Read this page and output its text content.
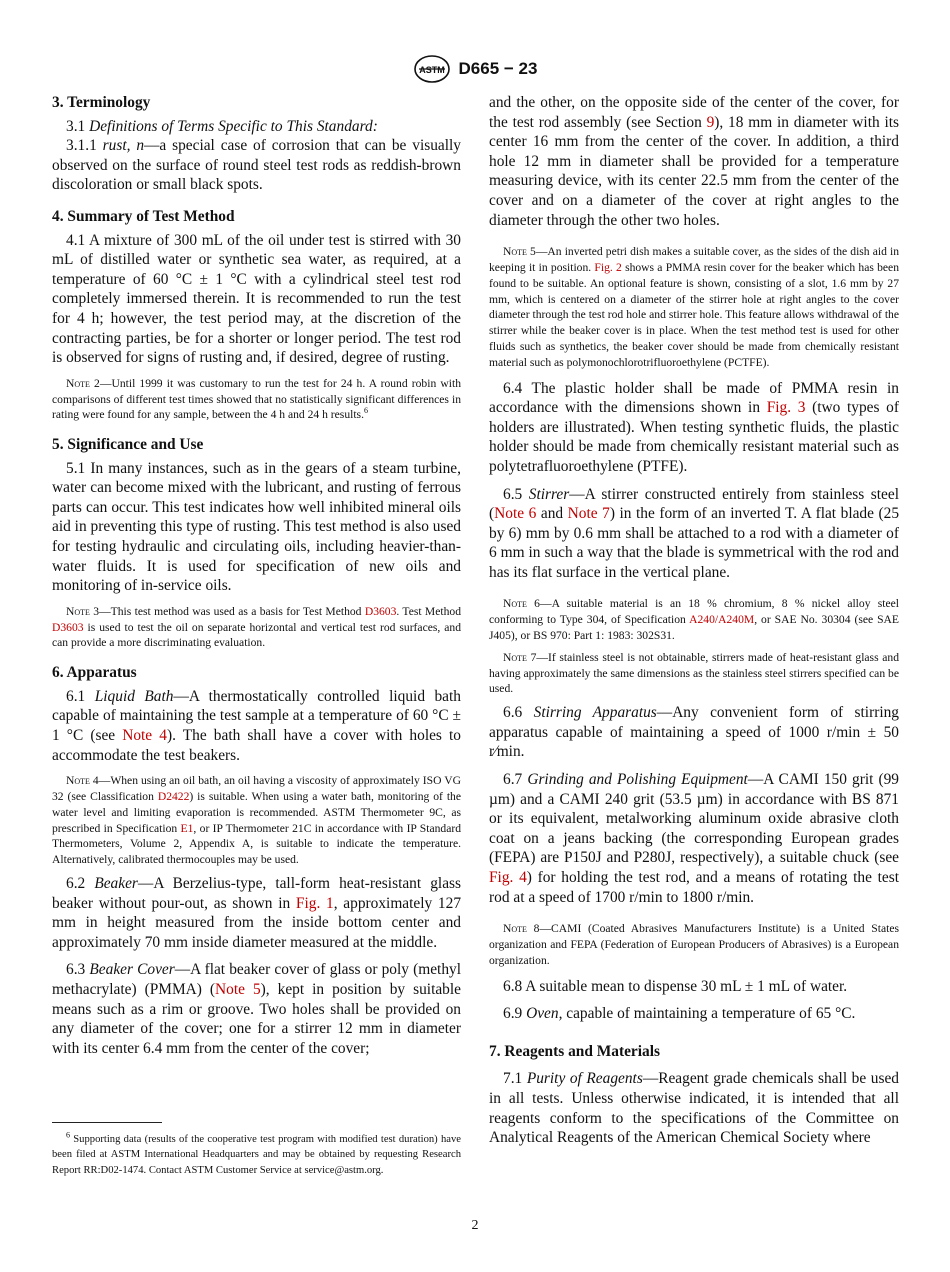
ASTM D665 − 23
3. Terminology

3.1 Definitions of Terms Specific to This Standard:

3.1.1 rust, n—a special case of corrosion that can be visually observed on the surface of round steel test rods as reddish-brown discoloration or small black spots.

4. Summary of Test Method

4.1 A mixture of 300 mL of the oil under test is stirred with 30 mL of distilled water or synthetic sea water, as required, at a temperature of 60 °C ± 1 °C with a cylindrical steel test rod completely immersed therein. It is recommended to run the test for 4 h; however, the test period may, at the discretion of the contracting parties, be for a shorter or longer period. The test rod is observed for signs of rusting and, if desired, degree of rusting.

Note 2—Until 1999 it was customary to run the test for 24 h. A round robin with comparisons of different test times showed that no statistically significant differences in rating were found for any sample, between the 4 h and 24 h results.$^6$

5. Significance and Use

5.1 In many instances, such as in the gears of a steam turbine, water can become mixed with the lubricant, and rusting of ferrous parts can occur. This test indicates how well inhibited mineral oils aid in preventing this type of rusting. This test method is also used for testing hydraulic and circulating oils, including heavier-than-water fluids. It is used for specification of new oils and monitoring of in-service oils.

Note 3—This test method was used as a basis for Test Method D3603. Test Method D3603 is used to test the oil on separate horizontal and vertical test rod surfaces, and can provide a more discriminating evaluation.

6. Apparatus

6.1 Liquid Bath—A thermostatically controlled liquid bath capable of maintaining the test sample at a temperature of 60 °C ± 1 °C (see Note 4). The bath shall have a cover with holes to accommodate the test beakers.

Note 4—When using an oil bath, an oil having a viscosity of approximately ISO VG 32 (see Classification D2422) is suitable. When using a water bath, monitoring of the water level and limiting evaporation is recommended. ASTM Thermometer 9C, as prescribed in Specification E1, or IP Thermometer 21C in accordance with IP Standard Thermometers, Volume 2, Appendix A, is suitable to indicate the temperature. Alternatively, calibrated thermocouples may be used.

6.2 Beaker—A Berzelius-type, tall-form heat-resistant glass beaker without pour-out, as shown in Fig. 1, approximately 127 mm in height measured from the inside bottom center and approximately 70 mm inside diameter measured at the middle.

6.3 Beaker Cover—A flat beaker cover of glass or poly (methyl methacrylate) (PMMA) (Note 5), kept in position by suitable means such as a rim or groove. Two holes shall be provided on any diameter of the cover; one for a stirrer 12 mm in diameter with its center 6.4 mm from the center of the cover;

$^6$ Supporting data (results of the cooperative test program with modified test duration) have been filed at ASTM International Headquarters and may be obtained by requesting Research Report RR:D02-1474. Contact ASTM Customer Service at service@astm.org.

and the other, on the opposite side of the center of the cover, for the test rod assembly (see Section 9), 18 mm in diameter with its center 16 mm from the center of the cover. In addition, a third hole 12 mm in diameter shall be provided for a temperature measuring device, with its center 22.5 mm from the center of the cover and on a diameter of the cover at right angles to the diameter through the other two holes.

Note 5—An inverted petri dish makes a suitable cover, as the sides of the dish aid in keeping it in position. Fig. 2 shows a PMMA resin cover for the beaker which has been found to be suitable. An optional feature is shown, consisting of a slot, 1.6 mm by 27 mm, which is centered on a diameter of the stirrer hole at right angles to the cover diameter through the test rod hole and stirrer hole. This feature allows withdrawal of the stirrer while the beaker cover is in place. When the test method test is used for other fluids such as synthetics, the beaker cover should be made from chemically resistant material such as polymonochlorotrifluoroethylene (PCTFE).

6.4 The plastic holder shall be made of PMMA resin in accordance with the dimensions shown in Fig. 3 (two types of holders are illustrated). When testing synthetic fluids, the plastic holder should be made from chemically resistant material such as polytetrafluoroethylene (PTFE).

6.5 Stirrer—A stirrer constructed entirely from stainless steel (Note 6 and Note 7) in the form of an inverted T. A flat blade (25 by 6) mm by 0.6 mm shall be attached to a rod with a diameter of 6 mm in such a way that the blade is symmetrical with the rod and has its flat surface in the vertical plane.

Note 6—A suitable material is an 18 % chromium, 8 % nickel alloy steel conforming to Type 304, of Specification A240/A240M, or SAE No. 30304 (see SAE J405), or BS 970: Part 1: 1983: 302S31.

Note 7—If stainless steel is not obtainable, stirrers made of heat-resistant glass and having approximately the same dimensions as the stainless steel stirrers specified can be used.

6.6 Stirring Apparatus—Any convenient form of stirring apparatus capable of maintaining a speed of 1000 r/min ± 50 r⁄min.

6.7 Grinding and Polishing Equipment—A CAMI 150 grit (99 µm) and a CAMI 240 grit (53.5 µm) in accordance with BS 871 or its equivalent, metalworking aluminum oxide abrasive cloth coat on a jeans backing (the corresponding European grades (FEPA) are P150J and P280J, respectively), a suitable chuck (see Fig. 4) for holding the test rod, and a means of rotating the test rod at a speed of 1700 r/min to 1800 r/min.

Note 8—CAMI (Coated Abrasives Manufacturers Institute) is a United States organization and FEPA (Federation of European Producers of Abrasives) is a European organization.

6.8 A suitable mean to dispense 30 mL ± 1 mL of water.

6.9 Oven, capable of maintaining a temperature of 65 °C.

7. Reagents and Materials

7.1 Purity of Reagents—Reagent grade chemicals shall be used in all tests. Unless otherwise indicated, it is intended that all reagents conform to the specifications of the Committee on Analytical Reagents of the American Chemical Society where

2
